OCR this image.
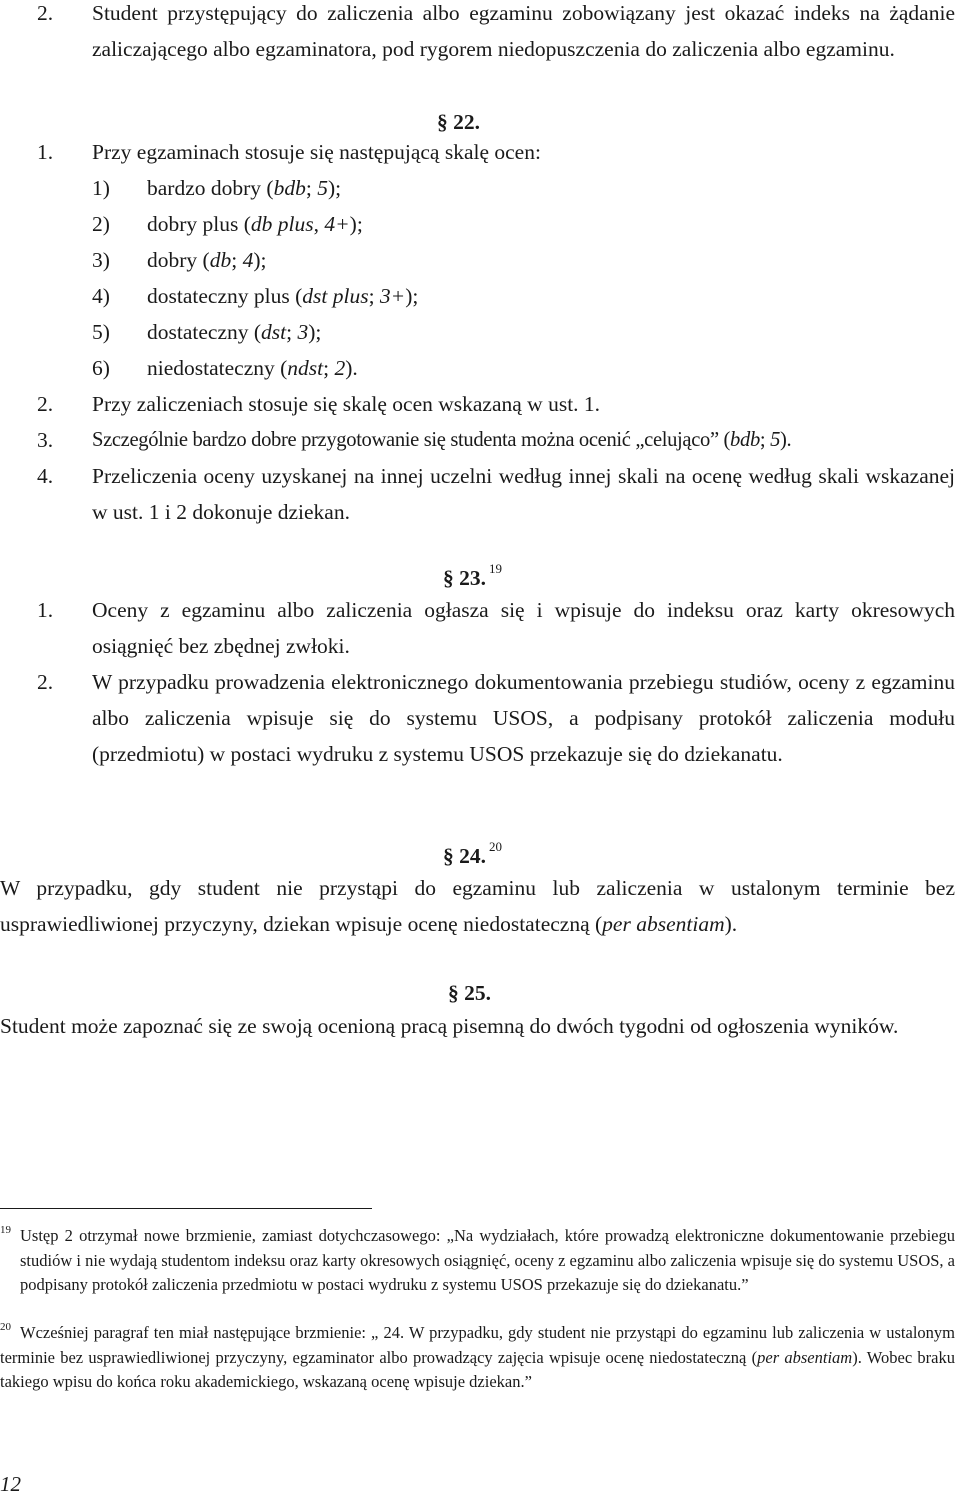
2. Student przystępujący do zaliczenia albo egzaminu zobowiązany jest okazać indeks na żądanie zaliczającego albo egzaminatora, pod rygorem niedopuszczenia do zaliczenia albo egzaminu.
§ 22.
1. Przy egzaminach stosuje się następującą skalę ocen:
1) bardzo dobry (bdb; 5);
2) dobry plus (db plus, 4+);
3) dobry (db; 4);
4) dostateczny plus (dst plus; 3+);
5) dostateczny (dst; 3);
6) niedostateczny (ndst; 2).
2. Przy zaliczeniach stosuje się skalę ocen wskazaną w ust. 1.
3. Szczególnie bardzo dobre przygotowanie się studenta można ocenić „celująco” (bdb; 5).
4. Przeliczenia oceny uzyskanej na innej uczelni według innej skali na ocenę według skali wskazanej w ust. 1 i 2 dokonuje dziekan.
§ 23. $^{19}$
1. Oceny z egzaminu albo zaliczenia ogłasza się i wpisuje do indeksu oraz karty okresowych osiągnięć bez zbędnej zwłoki.
2. W przypadku prowadzenia elektronicznego dokumentowania przebiegu studiów, oceny z egzaminu albo zaliczenia wpisuje się do systemu USOS, a podpisany protokół zaliczenia modułu (przedmiotu) w postaci wydruku z systemu USOS przekazuje się do dziekanatu.
§ 24. $^{20}$
W przypadku, gdy student nie przystąpi do egzaminu lub zaliczenia w ustalonym terminie bez usprawiedliwionej przyczyny, dziekan wpisuje ocenę niedostateczną (per absentiam).
§ 25.
Student może zapoznać się ze swoją ocenioną pracą pisemną do dwóch tygodni od ogłoszenia wyników.
19 Ustęp 2 otrzymał nowe brzmienie, zamiast dotychczasowego: „Na wydziałach, które prowadzą elektroniczne dokumentowanie przebiegu studiów i nie wydają studentom indeksu oraz karty okresowych osiągnięć, oceny z egzaminu albo zaliczenia wpisuje się do systemu USOS, a podpisany protokół zaliczenia przedmiotu w postaci wydruku z systemu USOS przekazuje się do dziekanatu.”
20 Wcześniej paragraf ten miał następujące brzmienie: „ 24. W przypadku, gdy student nie przystąpi do egzaminu lub zaliczenia w ustalonym terminie bez usprawiedliwionej przyczyny, egzaminator albo prowadzący zajęcia wpisuje ocenę niedostateczną (per absentiam). Wobec braku takiego wpisu do końca roku akademickiego, wskazaną ocenę wpisuje dziekan.”
12
